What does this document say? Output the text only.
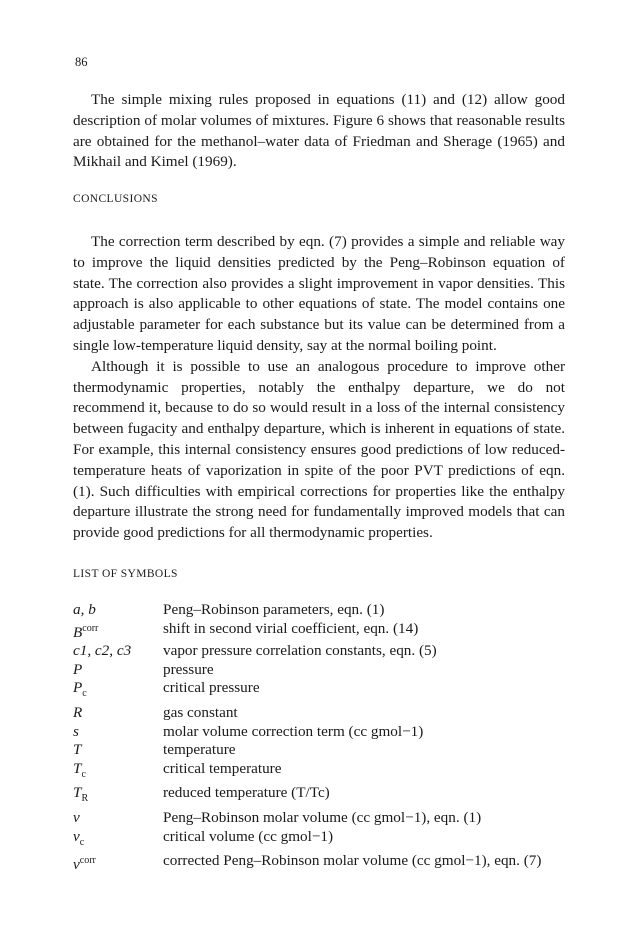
86

The simple mixing rules proposed in equations (11) and (12) allow good description of molar volumes of mixtures. Figure 6 shows that reasonable results are obtained for the methanol–water data of Friedman and Sherage (1965) and Mikhail and Kimel (1969).

CONCLUSIONS

The correction term described by eqn. (7) provides a simple and reliable way to improve the liquid densities predicted by the Peng–Robinson equation of state. The correction also provides a slight improvement in vapor densities. This approach is also applicable to other equations of state. The model contains one adjustable parameter for each substance but its value can be determined from a single low-temperature liquid density, say at the normal boiling point.

Although it is possible to use an analogous procedure to improve other thermodynamic properties, notably the enthalpy departure, we do not recommend it, because to do so would result in a loss of the internal consistency between fugacity and enthalpy departure, which is inherent in equations of state. For example, this internal consistency ensures good predictions of low reduced-temperature heats of vaporization in spite of the poor PVT predictions of eqn. (1). Such difficulties with empirical corrections for properties like the enthalpy departure illustrate the strong need for fundamentally improved models that can provide good predictions for all thermodynamic properties.

LIST OF SYMBOLS
a, b	Peng–Robinson parameters, eqn. (1)
$B^{corr}$	shift in second virial coefficient, eqn. (14)
c1, c2, c3	vapor pressure correlation constants, eqn. (5)
P	pressure
$P_c$	critical pressure
R	gas constant
s	molar volume correction term (cc gmol−1)
T	temperature
$T_c$	critical temperature
$T_R$	reduced temperature (T/Tc)
v	Peng–Robinson molar volume (cc gmol−1), eqn. (1)
$v_c$	critical volume (cc gmol−1)
$v^{corr}$	corrected Peng–Robinson molar volume (cc gmol−1), eqn. (7)
